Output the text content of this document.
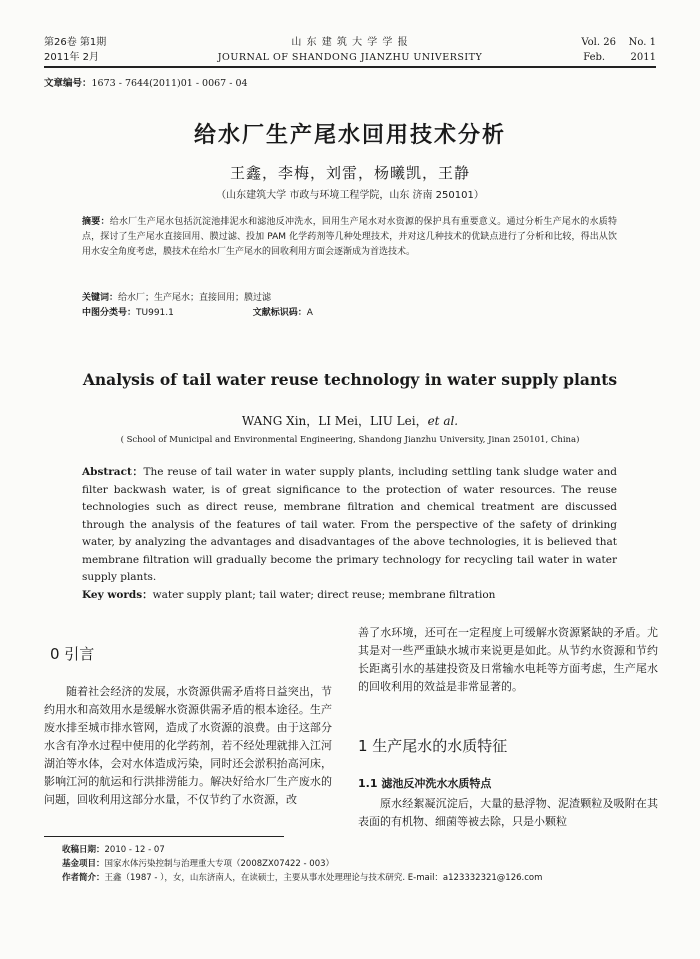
第26卷 第1期
2011年 2月
山 东 建 筑 大 学 学 报
JOURNAL OF SHANDONG JIANZHU UNIVERSITY
Vol. 26    No. 1
Feb.        2011
文章编号：1673 - 7644(2011)01 - 0067 - 04
给水厂生产尾水回用技术分析
王鑫，李梅，刘雷，杨曦凯，王静
（山东建筑大学 市政与环境工程学院，山东 济南 250101）
摘要：给水厂生产尾水包括沉淀池排泥水和滤池反冲洗水，回用生产尾水对水资源的保护具有重要意义。通过分析生产尾水的水质特点，探讨了生产尾水直接回用、膜过滤、投加 PAM 化学药剂等几种处理技术，并对这几种技术的优缺点进行了分析和比较，得出从饮用水安全角度考虑，膜技术在给水厂生产尾水的回收利用方面会逐渐成为首选技术。
关键词：给水厂；生产尾水；直接回用；膜过滤
中图分类号：TU991.1	文献标识码：A
Analysis of tail water reuse technology in water supply plants
WANG Xin，LI Mei，LIU Lei，et al.
( School of Municipal and Environmental Engineering, Shandong Jianzhu University, Jinan 250101, China)
Abstract：The reuse of tail water in water supply plants, including settling tank sludge water and filter backwash water, is of great significance to the protection of water resources. The reuse technologies such as direct reuse, membrane filtration and chemical treatment are discussed through the analysis of the features of tail water. From the perspective of the safety of drinking water, by analyzing the advantages and disadvantages of the above technologies, it is believed that membrane filtration will gradually become the primary technology for recycling tail water in water supply plants.
Key words：water supply plant; tail water; direct reuse; membrane filtration
0 引言
随着社会经济的发展，水资源供需矛盾将日益突出，节约用水和高效用水是缓解水资源供需矛盾的根本途径。生产废水排至城市排水管网，造成了水资源的浪费。由于这部分水含有净水过程中使用的化学药剂，若不经处理就排入江河湖泊等水体，会对水体造成污染，同时还会淤积抬高河床，影响江河的航运和行洪排涝能力。解决好给水厂生产废水的问题，回收利用这部分水量，不仅节约了水资源，改
善了水环境，还可在一定程度上可缓解水资源紧缺的矛盾。尤其是对一些严重缺水城市来说更是如此。从节约水资源和节约长距离引水的基建投资及日常输水电耗等方面考虑，生产尾水的回收利用的效益是非常显著的。
1 生产尾水的水质特征
1.1 滤池反冲洗水水质特点
原水经絮凝沉淀后，大量的悬浮物、泥渣颗粒及吸附在其表面的有机物、细菌等被去除，只是小颗粒
收稿日期：2010 - 12 - 07
基金项目：国家水体污染控制与治理重大专项（2008ZX07422 - 003）
作者简介：王鑫（1987 - ），女，山东济南人，在读硕士，主要从事水处理理论与技术研究. E-mail：a123332321@126.com
